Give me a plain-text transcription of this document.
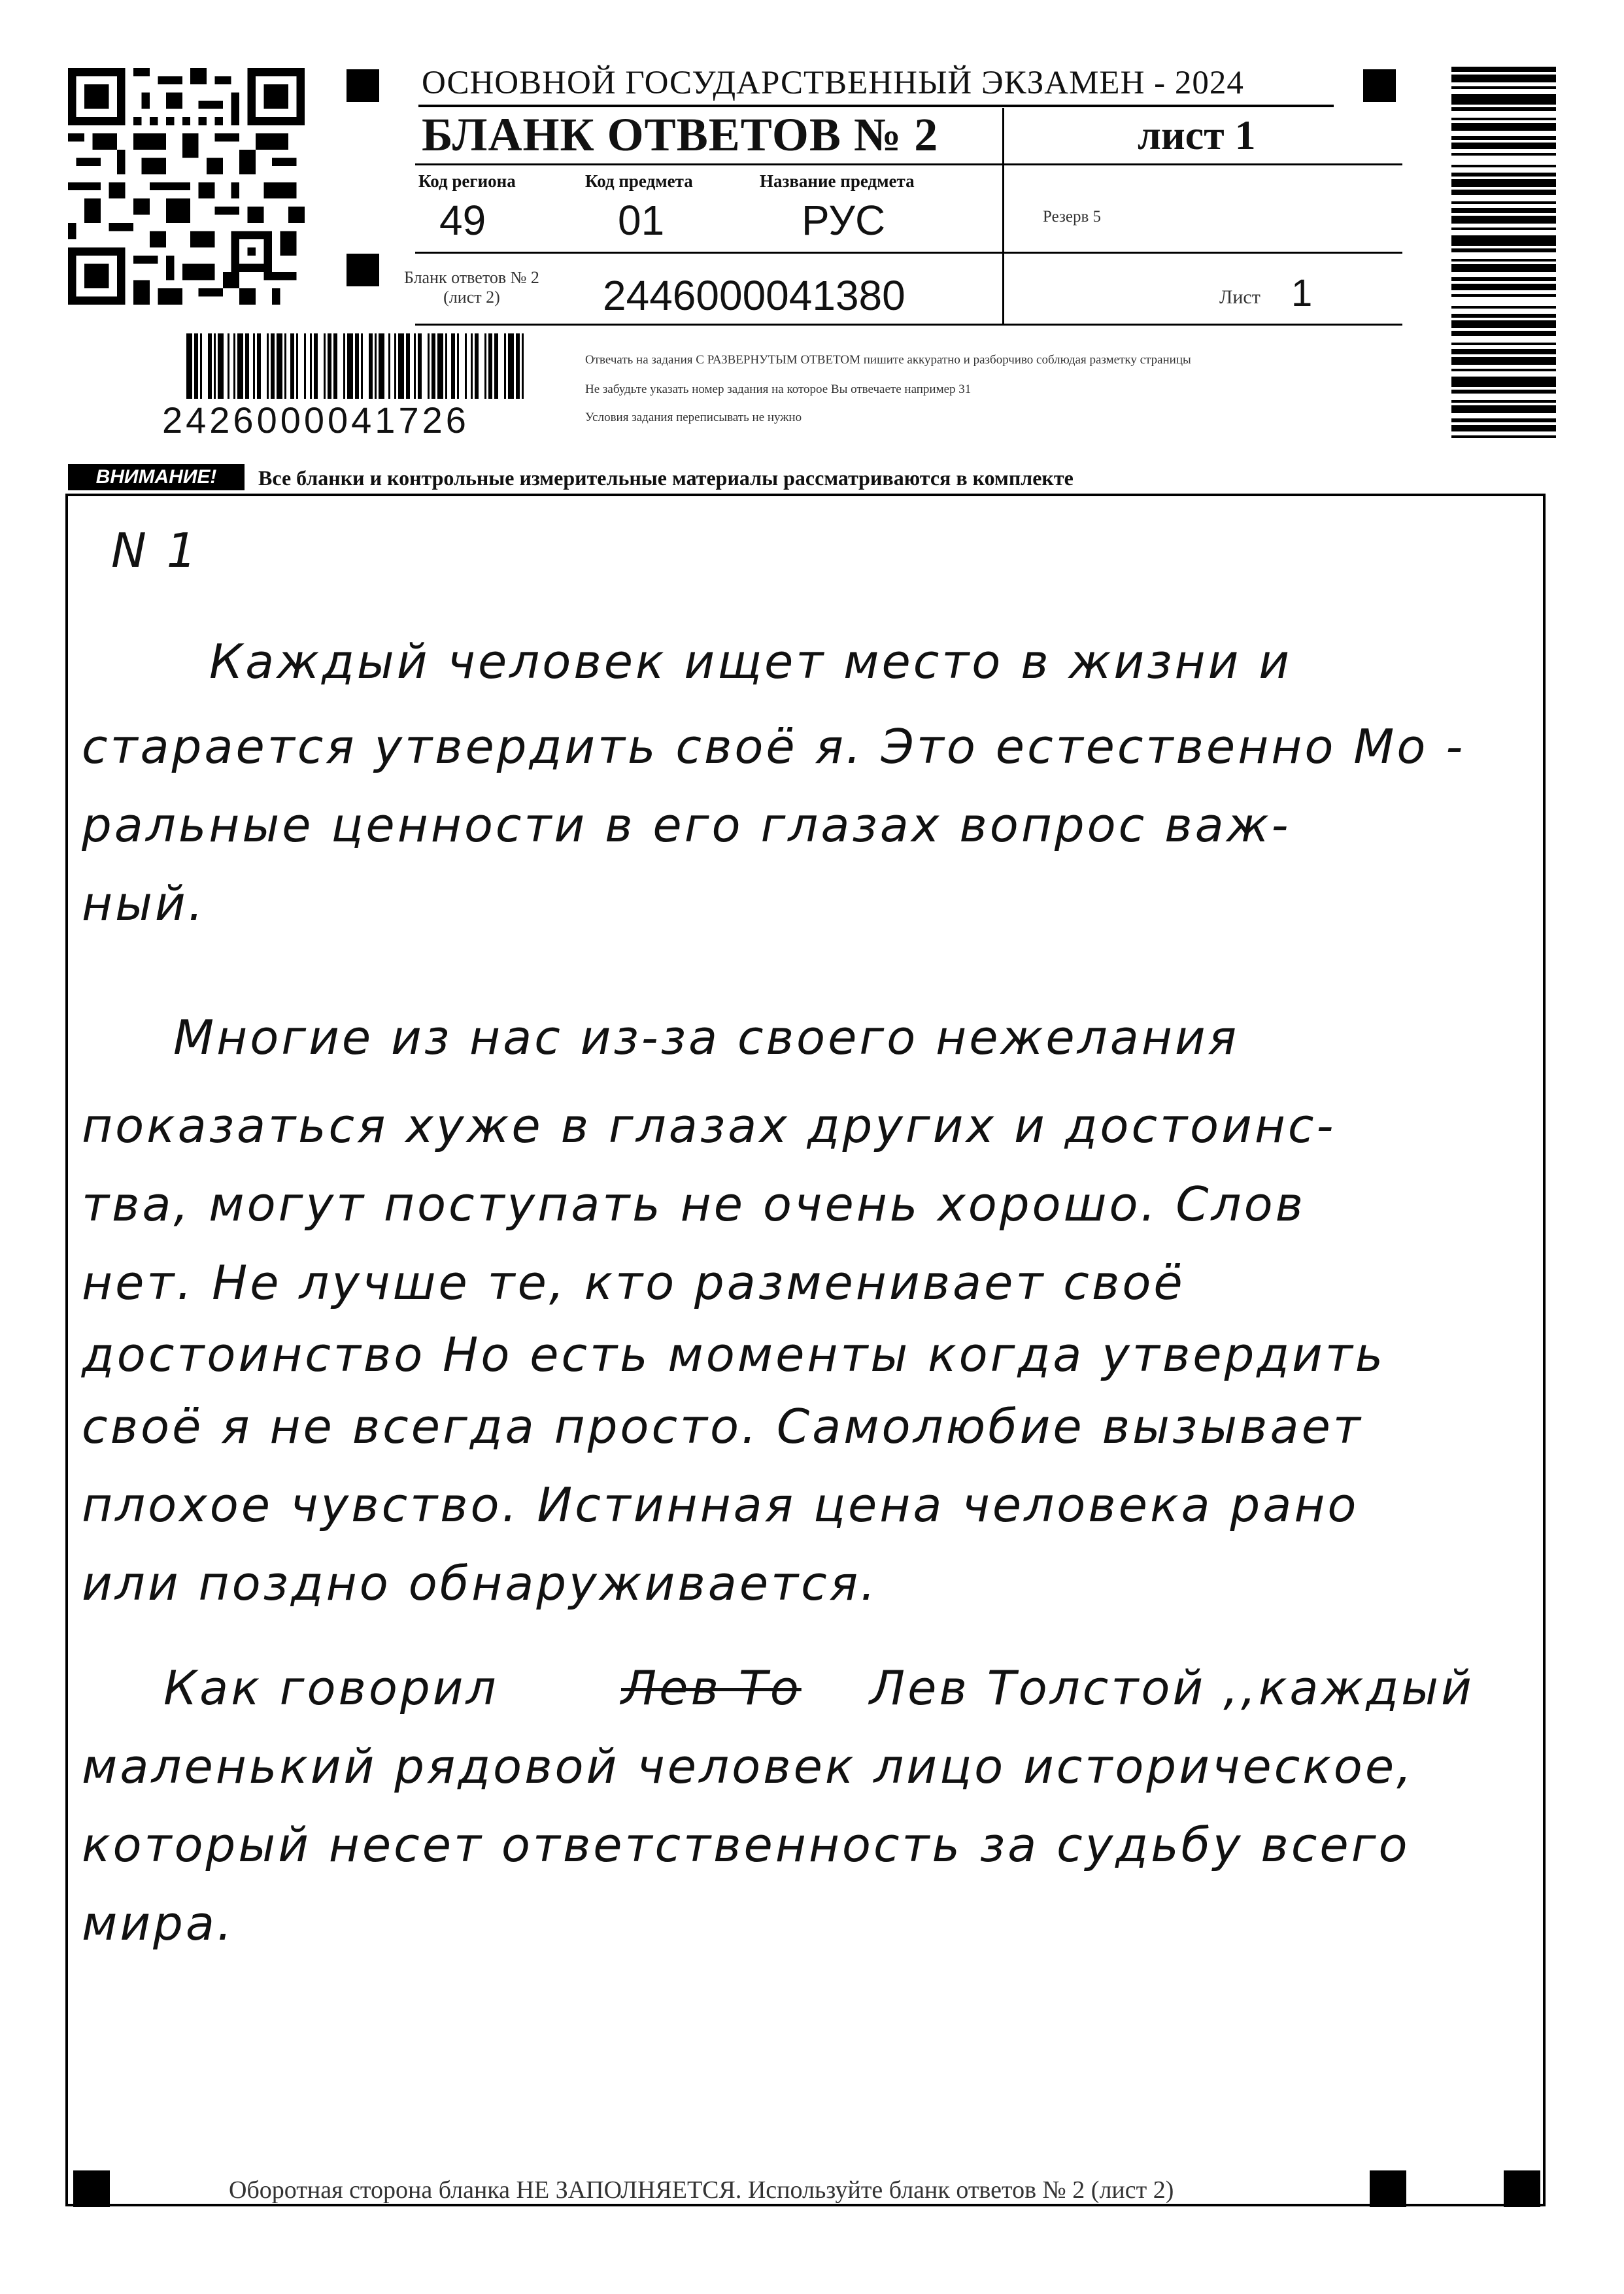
ОСНОВНОЙ ГОСУДАРСТВЕННЫЙ ЭКЗАМЕН - 2024
БЛАНК ОТВЕТОВ № 2	лист 1
Код региона
49
Код предмета
01
Название предмета
РУС	Резерв 5
Бланк ответов № 2
(лист 2)	2446000041380	Лист 1
Отвечать на задания С РАЗВЕРНУТЫМ ОТВЕТОМ пишите аккуратно и разборчиво соблюдая разметку страницы
Не забудьте указать номер задания на которое Вы отвечаете например 31
Условия задания переписывать не нужно
2426000041726
ВНИМАНИЕ!	Все бланки и контрольные измерительные материалы рассматриваются в комплекте
N 1
Каждый человек ищет место в жизни и
старается утвердить своё я. Это естественно Мо -
ральные ценности в его глазах вопрос важ-
ный.
Многие из нас из-за своего нежелания
показаться хуже в глазах других и достоинс-
тва, могут поступать не очень хорошо. Слов
нет. Не лучше те, кто разменивает своё
достоинство Но есть моменты когда утвердить
своё я не всегда просто. Самолюбие вызывает
плохое чувство. Истинная цена человека рано
или поздно обнаруживается.
Как говорил	Лев То Лев Толстой ,,каждый
маленький рядовой человек лицо историческое,
который несет ответственность за судьбу всего
мира.
Оборотная сторона бланка НЕ ЗАПОЛНЯЕТСЯ. Используйте бланк ответов № 2 (лист 2)
